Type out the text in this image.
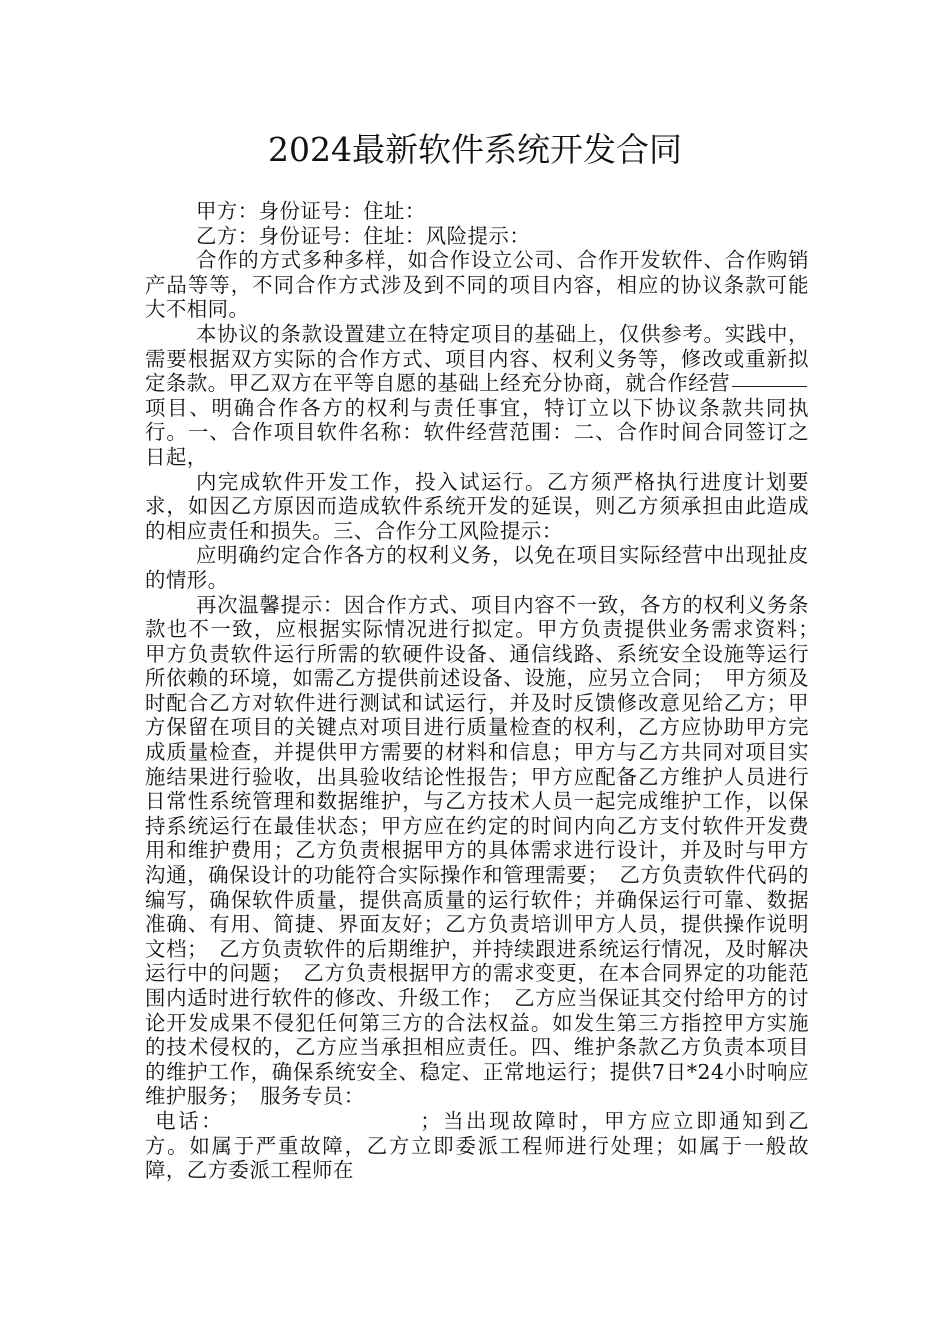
2024最新软件系统开发合同

甲方：身份证号：住址：

乙方：身份证号：住址：风险提示：

合作的方式多种多样，如合作设立公司、合作开发软件、合作购销产品等等，不同合作方式涉及到不同的项目内容，相应的协议条款可能大不相同。

本协议的条款设置建立在特定项目的基础上，仅供参考。实践中，需要根据双方实际的合作方式、项目内容、权利义务等，修改或重新拟定条款。甲乙双方在平等自愿的基础上经充分协商，就合作经营项目、明确合作各方的权利与责任事宜，特订立以下协议条款共同执行。一、合作项目软件名称：软件经营范围：二、合作时间合同签订之日起，

内完成软件开发工作，投入试运行。乙方须严格执行进度计划要求，如因乙方原因而造成软件系统开发的延误，则乙方须承担由此造成的相应责任和损失。三、合作分工风险提示：

应明确约定合作各方的权利义务，以免在项目实际经营中出现扯皮的情形。

再次温馨提示：因合作方式、项目内容不一致，各方的权利义务条款也不一致，应根据实际情况进行拟定。甲方负责提供业务需求资料；　甲方负责软件运行所需的软硬件设备、通信线路、系统安全设施等运行所依赖的环境，如需乙方提供前述设备、设施，应另立合同；　甲方须及时配合乙方对软件进行测试和试运行，并及时反馈修改意见给乙方；甲方保留在项目的关键点对项目进行质量检查的权利，乙方应协助甲方完成质量检查，并提供甲方需要的材料和信息；甲方与乙方共同对项目实施结果进行验收，出具验收结论性报告；甲方应配备乙方维护人员进行日常性系统管理和数据维护，与乙方技术人员一起完成维护工作，以保持系统运行在最佳状态；甲方应在约定的时间内向乙方支付软件开发费用和维护费用；乙方负责根据甲方的具体需求进行设计，并及时与甲方沟通，确保设计的功能符合实际操作和管理需要；　乙方负责软件代码的编写，确保软件质量，提供高质量的运行软件；并确保运行可靠、数据准确、有用、简捷、界面友好；乙方负责培训甲方人员，提供操作说明文档；　乙方负责软件的后期维护，并持续跟进系统运行情况，及时解决运行中的问题；　乙方负责根据甲方的需求变更，在本合同界定的功能范围内适时进行软件的修改、升级工作；　乙方应当保证其交付给甲方的讨论开发成果不侵犯任何第三方的合法权益。如发生第三方指控甲方实施的技术侵权的，乙方应当承担相应责任。四、维护条款乙方负责本项目的维护工作，确保系统安全、稳定、正常地运行；提供7日*24小时响应维护服务；　服务专员：

电话：	；当出现故障时，甲方应立即通知到乙方。如属于严重故障，乙方立即委派工程师进行处理；如属于一般故障，乙方委派工程师在
